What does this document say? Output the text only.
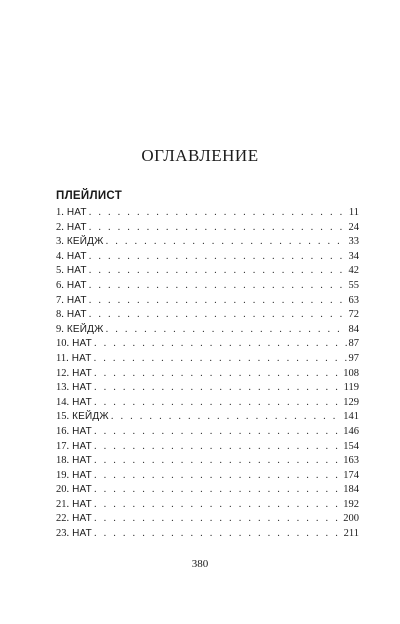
ОГЛАВЛЕНИЕ
ПЛЕЙЛИСТ
1. НАТ . . .	11
2. НАТ . . .	24
3. КЕЙДЖ . . .	33
4. НАТ . . .	34
5. НАТ . . .	42
6. НАТ . . .	55
7. НАТ . . .	63
8. НАТ . . .	72
9. КЕЙДЖ . . .	84
10. НАТ . . .	87
11. НАТ . . .	97
12. НАТ . . .	108
13. НАТ . . .	119
14. НАТ . . .	129
15. КЕЙДЖ . . .	141
16. НАТ . . .	146
17. НАТ . . .	154
18. НАТ . . .	163
19. НАТ . . .	174
20. НАТ . . .	184
21. НАТ . . .	192
22. НАТ . . .	200
23. НАТ . . .	211
380
